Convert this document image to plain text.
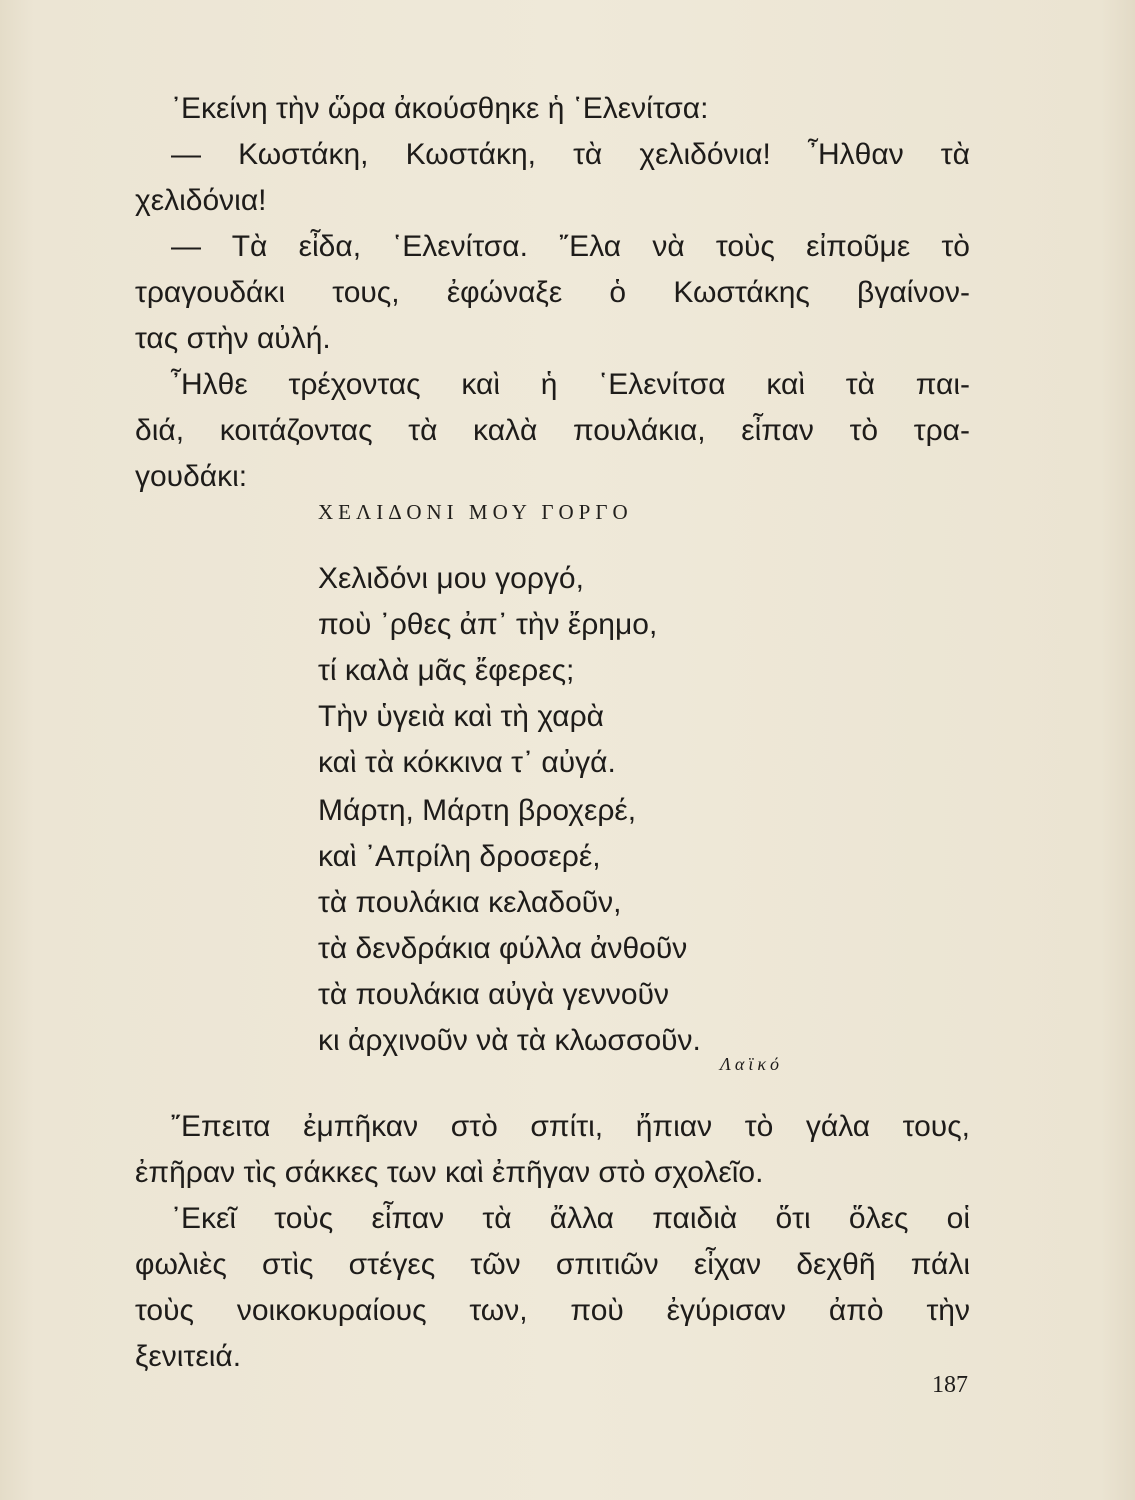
᾿Εκείνη τὴν ὥρα ἀκούσθηκε ἡ ῾Ελενίτσα:
— Κωστάκη, Κωστάκη, τὰ χελιδόνια! ῏Ηλθαν τὰ
χελιδόνια!
— Τὰ εἶδα, ῾Ελενίτσα. ῎Ελα νὰ τοὺς εἰποῦμε τὸ
τραγουδάκι τους, ἐφώναξε ὁ Κωστάκης βγαίνον-
τας στὴν αὐλή.
῏Ηλθε τρέχοντας καὶ ἡ ῾Ελενίτσα καὶ τὰ παι-
διά, κοιτάζοντας τὰ καλὰ πουλάκια, εἶπαν τὸ τρα-
γουδάκι:

ΧΕΛΙΔΟΝΙ ΜΟΥ ΓΟΡΓΟ

Χελιδόνι μου γοργό,
ποὺ ᾿ρθες ἀπ᾿ τὴν ἔρημο,
τί καλὰ μᾶς ἔφερες;
Τὴν ὑγειὰ καὶ τὴ χαρὰ
καὶ τὰ κόκκινα τ᾿ αὐγά.
Μάρτη, Μάρτη βροχερέ,
καὶ ᾿Απρίλη δροσερέ,
τὰ πουλάκια κελαδοῦν,
τὰ δενδράκια φύλλα ἀνθοῦν
τὰ πουλάκια αὐγὰ γεννοῦν
κι ἀρχινοῦν νὰ τὰ κλωσσοῦν.

Λαϊκό

῎Επειτα ἐμπῆκαν στὸ σπίτι, ἤπιαν τὸ γάλα τους,
ἐπῆραν τὶς σάκκες των καὶ ἐπῆγαν στὸ σχολεῖο.
᾿Εκεῖ τοὺς εἶπαν τὰ ἄλλα παιδιὰ ὅτι ὅλες οἱ
φωλιὲς στὶς στέγες τῶν σπιτιῶν εἶχαν δεχθῆ πάλι
τοὺς νοικοκυραίους των, ποὺ ἐγύρισαν ἀπὸ τὴν
ξενιτειά.

187
